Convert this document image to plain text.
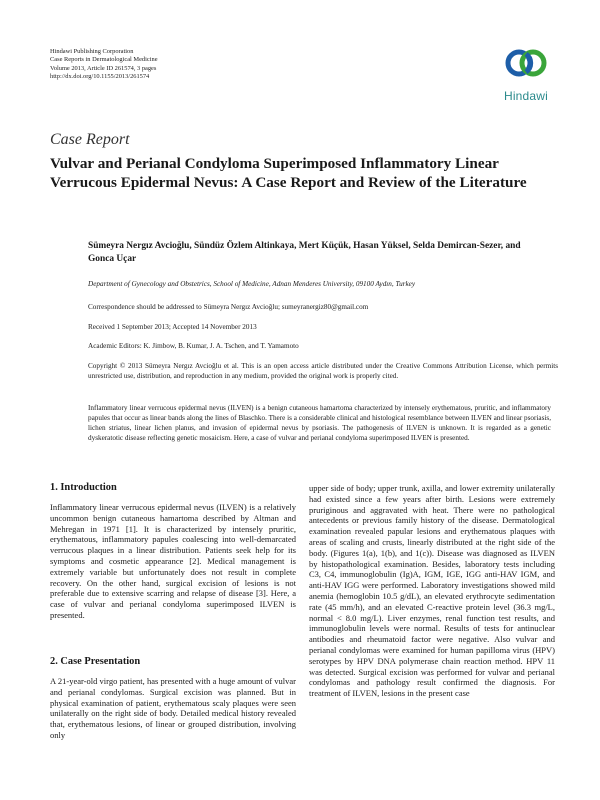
Hindawi Publishing Corporation
Case Reports in Dermatological Medicine
Volume 2013, Article ID 261574, 3 pages
http://dx.doi.org/10.1155/2013/261574
Hindawi
Case Report
Vulvar and Perianal Condyloma Superimposed Inflammatory Linear Verrucous Epidermal Nevus: A Case Report and Review of the Literature
Sümeyra Nergız Avcioğlu, Sündüz Özlem Altinkaya, Mert Küçük, Hasan Yüksel, Selda Demircan-Sezer, and Gonca Uçar
Department of Gynecology and Obstetrics, School of Medicine, Adnan Menderes University, 09100 Aydın, Turkey
Correspondence should be addressed to Sümeyra Nergız Avcioğlu; sumeyranergiz80@gmail.com
Received 1 September 2013; Accepted 14 November 2013
Academic Editors: K. Jimbow, B. Kumar, J. A. Tschen, and T. Yamamoto
Copyright © 2013 Sümeyra Nergız Avcioğlu et al. This is an open access article distributed under the Creative Commons Attribution License, which permits unrestricted use, distribution, and reproduction in any medium, provided the original work is properly cited.
Inflammatory linear verrucous epidermal nevus (ILVEN) is a benign cutaneous hamartoma characterized by intensely erythematous, pruritic, and inflammatory papules that occur as linear bands along the lines of Blaschko. There is a considerable clinical and histological resemblance between ILVEN and linear psoriasis, lichen striatus, linear lichen planus, and invasion of epidermal nevus by psoriasis. The pathogenesis of ILVEN is unknown. It is regarded as a genetic dyskeratotic disease reflecting genetic mosaicism. Here, a case of vulvar and perianal condyloma superimposed ILVEN is presented.
1. Introduction
Inflammatory linear verrucous epidermal nevus (ILVEN) is a relatively uncommon benign cutaneous hamartoma described by Altman and Mehregan in 1971 [1]. It is characterized by intensely pruritic, erythematous, inflammatory papules coalescing into well-demarcated verrucous plaques in a linear distribution. Patients seek help for its symptoms and cosmetic appearance [2]. Medical management is extremely variable but unfortunately does not result in complete recovery. On the other hand, surgical excision of lesions is not preferable due to extensive scarring and relapse of disease [3]. Here, a case of vulvar and perianal condyloma superimposed ILVEN is presented.
2. Case Presentation
A 21-year-old virgo patient, has presented with a huge amount of vulvar and perianal condylomas. Surgical excision was planned. But in physical examination of patient, erythematous scaly plaques were seen unilaterally on the right side of body. Detailed medical history revealed that, erythematous lesions, of linear or grouped distribution, involving only
upper side of body; upper trunk, axilla, and lower extremity unilaterally had existed since a few years after birth. Lesions were extremely pruriginous and aggravated with heat. There were no pathological antecedents or previous family history of the disease. Dermatological examination revealed papular lesions and erythematous plaques with areas of scaling and crusts, linearly distributed at the right side of the body. (Figures 1(a), 1(b), and 1(c)). Disease was diagnosed as ILVEN by histopathological examination. Besides, laboratory tests including C3, C4, immunoglobulin (Ig)A, IGM, IGE, IGG anti-HAV IGM, and anti-HAV IGG were performed. Laboratory investigations showed mild anemia (hemoglobin 10.5 g/dL), an elevated erythrocyte sedimentation rate (45 mm/h), and an elevated C-reactive protein level (36.3 mg/L, normal < 8.0 mg/L). Liver enzymes, renal function test results, and immunoglobulin levels were normal. Results of tests for antinuclear antibodies and rheumatoid factor were negative. Also vulvar and perianal condylomas were examined for human papilloma virus (HPV) serotypes by HPV DNA polymerase chain reaction method. HPV 11 was detected. Surgical excision was performed for vulvar and perianal condylomas and pathology result confirmed the diagnosis. For treatment of ILVEN, lesions in the present case
